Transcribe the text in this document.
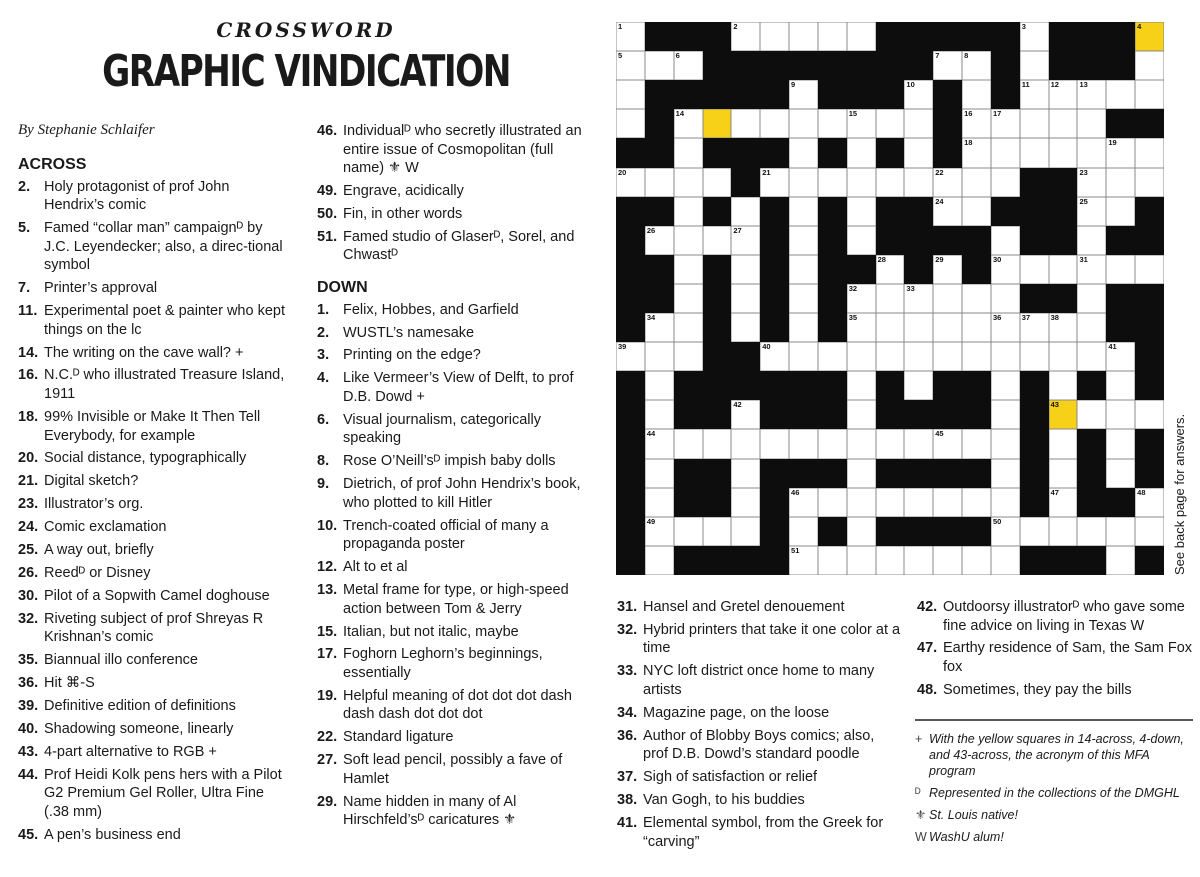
CROSSWORD
GRAPHIC VINDICATION
By Stephanie Schlaifer
ACROSS
2. Holy protagonist of prof John Hendrix’s comic
5. Famed “collar man” campaignᴰ by J.C. Leyendecker; also, a direc-tional symbol
7. Printer’s approval
11. Experimental poet & painter who kept things on the lc
14. The writing on the cave wall? +
16. N.C.ᴰ who illustrated Treasure Island, 1911
18. 99% Invisible or Make It Then Tell Everybody, for example
20. Social distance, typographically
21. Digital sketch?
23. Illustrator’s org.
24. Comic exclamation
25. A way out, briefly
26. Reedᴰ or Disney
30. Pilot of a Sopwith Camel doghouse
32. Riveting subject of prof Shreyas R Krishnan’s comic
35. Biannual illo conference
36. Hit ⌘-S
39. Definitive edition of definitions
40. Shadowing someone, linearly
43. 4-part alternative to RGB +
44. Prof Heidi Kolk pens hers with a Pilot G2 Premium Gel Roller, Ultra Fine (.38 mm)
45. A pen’s business end
46. Individualᴰ who secretly illustrated an entire issue of Cosmopolitan (full name) ⚜ W
49. Engrave, acidically
50. Fin, in other words
51. Famed studio of Glaserᴰ, Sorel, and Chwastᴰ
DOWN
1. Felix, Hobbes, and Garfield
2. WUSTL’s namesake
3. Printing on the edge?
4. Like Vermeer’s View of Delft, to prof D.B. Dowd +
6. Visual journalism, categorically speaking
8. Rose O’Neill’sᴰ impish baby dolls
9. Dietrich, of prof John Hendrix’s book, who plotted to kill Hitler
10. Trench-coated official of many a propaganda poster
12. Alt to et al
13. Metal frame for type, or high-speed action between Tom & Jerry
15. Italian, but not italic, maybe
17. Foghorn Leghorn’s beginnings, essentially
19. Helpful meaning of dot dot dot dash dash dash dot dot dot
22. Standard ligature
27. Soft lead pencil, possibly a fave of Hamlet
29. Name hidden in many of Al Hirschfeld’sᴰ caricatures ⚜
31. Hansel and Gretel denouement
32. Hybrid printers that take it one color at a time
33. NYC loft district once home to many artists
34. Magazine page, on the loose
36. Author of Blobby Boys comics; also, prof D.B. Dowd’s standard poodle
37. Sigh of satisfaction or relief
38. Van Gogh, to his buddies
41. Elemental symbol, from the Greek for “carving”
42. Outdoorsy illustratorᴰ who gave some fine advice on living in Texas W
47. Earthy residence of Sam, the Sam Fox fox
48. Sometimes, they pay the bills
1	2	3	4
5	6	7	8
9	10	11	12	13
14	15	16	17
18	19
20	21	22	23
24	25
26	27
28	29	30	31
32	33
34	35	36	37	38
39	40	41
42	43
44	45
46	47	48
49	50
51	See back page for answers.
+ With the yellow squares in 14-across, 4-down, and 43-across, the acronym of this MFA program
ᴰ Represented in the collections of the DMGHL
⚜ St. Louis native!
W WashU alum!
